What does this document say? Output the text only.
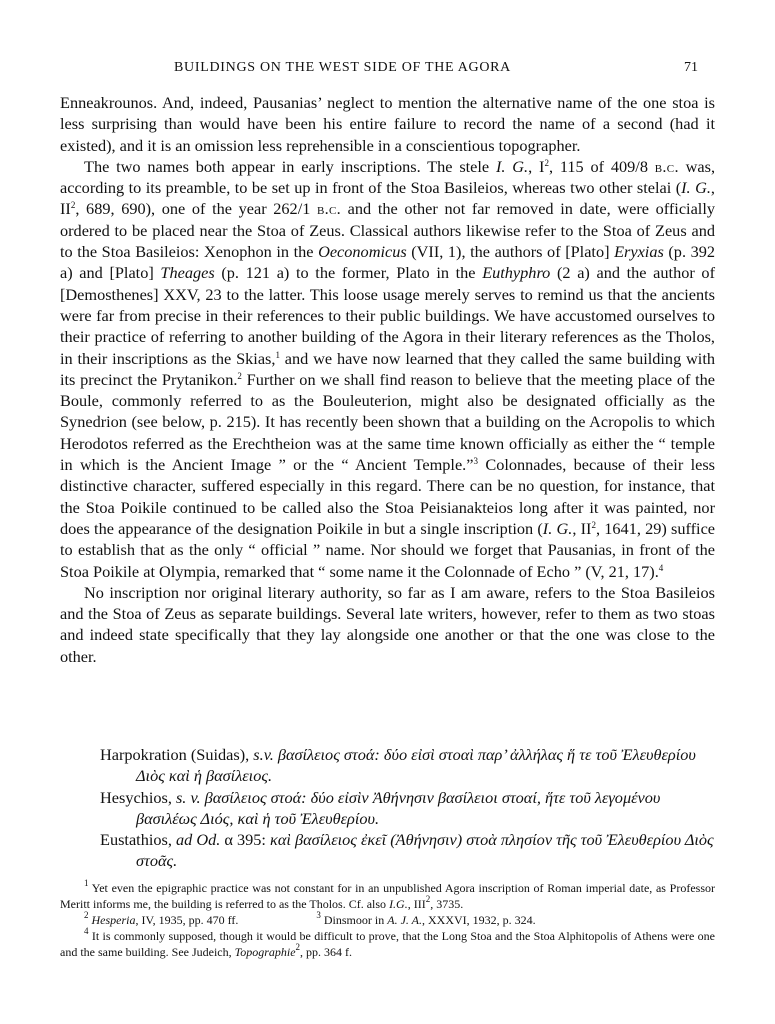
BUILDINGS ON THE WEST SIDE OF THE AGORA	71

Enneakrounos. And, indeed, Pausanias’ neglect to mention the alternative name of the one stoa is less surprising than would have been his entire failure to record the name of a second (had it existed), and it is an omission less reprehensible in a conscientious topographer.

The two names both appear in early inscriptions. The stele I. G., $I^2$, 115 of 409/8 b.c. was, according to its preamble, to be set up in front of the Stoa Basileios, whereas two other stelai (I. G., $II^2$, 689, 690), one of the year 262/1 b.c. and the other not far removed in date, were officially ordered to be placed near the Stoa of Zeus. Classical authors likewise refer to the Stoa of Zeus and to the Stoa Basileios: Xenophon in the Oeconomicus (VII, 1), the authors of [Plato] Eryxias (p. 392 a) and [Plato] Theages (p. 121 a) to the former, Plato in the Euthyphro (2 a) and the author of [Demosthenes] XXV, 23 to the latter. This loose usage merely serves to remind us that the ancients were far from precise in their references to their public buildings. We have accustomed ourselves to their practice of referring to another building of the Agora in their literary references as the Tholos, in their inscriptions as the Skias,$^1$ and we have now learned that they called the same building with its precinct the Prytanikon.$^2$ Further on we shall find reason to believe that the meeting place of the Boule, commonly referred to as the Bouleuterion, might also be designated officially as the Synedrion (see below, p. 215). It has recently been shown that a building on the Acropolis to which Herodotos referred as the Erechtheion was at the same time known officially as either the “ temple in which is the Ancient Image ” or the “ Ancient Temple.”$^3$ Colonnades, because of their less distinctive character, suffered especially in this regard. There can be no question, for instance, that the Stoa Poikile continued to be called also the Stoa Peisianakteios long after it was painted, nor does the appearance of the designation Poikile in but a single inscription (I. G., $II^2$, 1641, 29) suffice to establish that as the only “ official ” name. Nor should we forget that Pausanias, in front of the Stoa Poikile at Olympia, remarked that “ some name it the Colonnade of Echo ” (V, 21, 17).$^4$

No inscription nor original literary authority, so far as I am aware, refers to the Stoa Basileios and the Stoa of Zeus as separate buildings. Several late writers, however, refer to them as two stoas and indeed state specifically that they lay alongside one another or that the one was close to the other.

Harpokration (Suidas), s.v. βασίλειος στοά: δύο εἰσὶ στοαὶ παρ’ ἀλλήλας ἥ τε τοῦ Ἐλευθερίου Διὸς καὶ ἡ βασίλειος.

Hesychios, s. v. βασίλειος στοά: δύο εἰσὶν Ἀθήνησιν βασίλειοι στοαί, ἥτε τοῦ λεγομένου βασιλέως Διός, καὶ ἡ τοῦ Ἐλευθερίου.

Eustathios, ad Od. α 395: καὶ βασίλειος ἐκεῖ (Ἀθήνησιν) στοὰ πλησίον τῆς τοῦ Ἐλευθερίου Διὸς στοᾶς.

$^1$ Yet even the epigraphic practice was not constant for in an unpublished Agora inscription of Roman imperial date, as Professor Meritt informs me, the building is referred to as the Tholos. Cf. also I.G., III$^2$, 3735.

$^2$ Hesperia, IV, 1935, pp. 470 ff.	$^3$ Dinsmoor in A. J. A., XXXVI, 1932, p. 324.

$^4$ It is commonly supposed, though it would be difficult to prove, that the Long Stoa and the Stoa Alphitopolis of Athens were one and the same building. See Judeich, Topographie$^2$, pp. 364 f.
